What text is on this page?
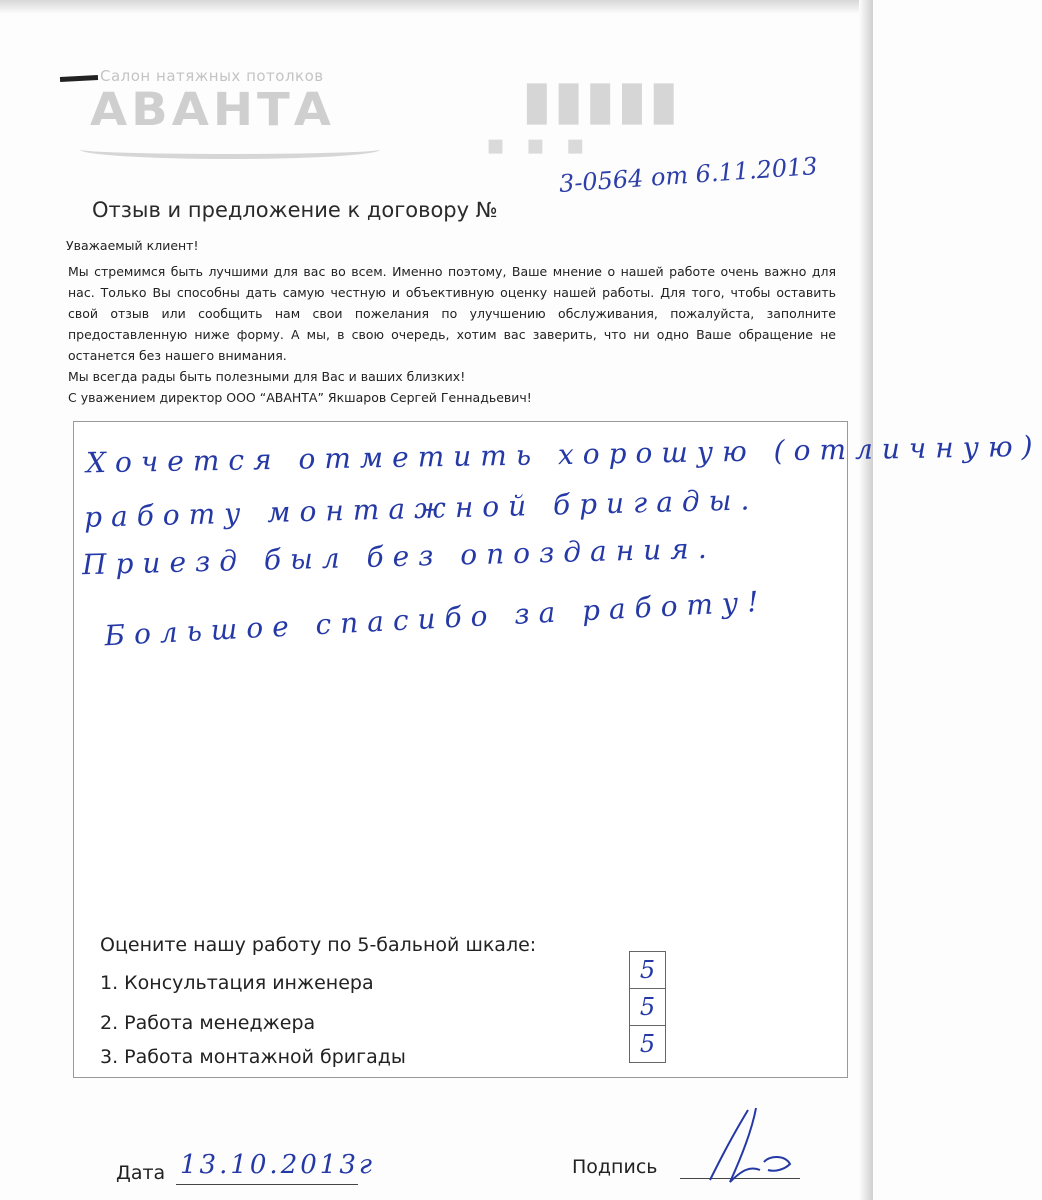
Салон натяжных потолков
АВАНТА	▮▮▮▮▮
▪ ▪ ▪
Отзыв и предложение к договору №
3-0564 от 6.11.2013
Уважаемый клиент!

Мы стремимся быть лучшими для вас во всем. Именно поэтому, Ваше мнение о нашей работе очень важно для нас. Только Вы способны дать самую честную и объективную оценку нашей работы. Для того, чтобы оставить свой отзыв или сообщить нам свои пожелания по улучшению обслуживания, пожалуйста, заполните предоставленную ниже форму. А мы, в свою очередь, хотим вас заверить, что ни одно Ваше обращение не останется без нашего внимания.

Мы всегда рады быть полезными для Вас и ваших близких!

С уважением директор ООО “АВАНТА” Якшаров Сергей Геннадьевич!

Хочется отметить хорошую (отличную)
работу монтажной бригады.
Приезд был без опоздания.
Большое спасибо за работу!
Оцените нашу работу по 5-бальной шкале:
1. Консультация инженера
2. Работа менеджера
3. Работа монтажной бригады
5
5
5
Дата 13.10.2013г	Подпись
